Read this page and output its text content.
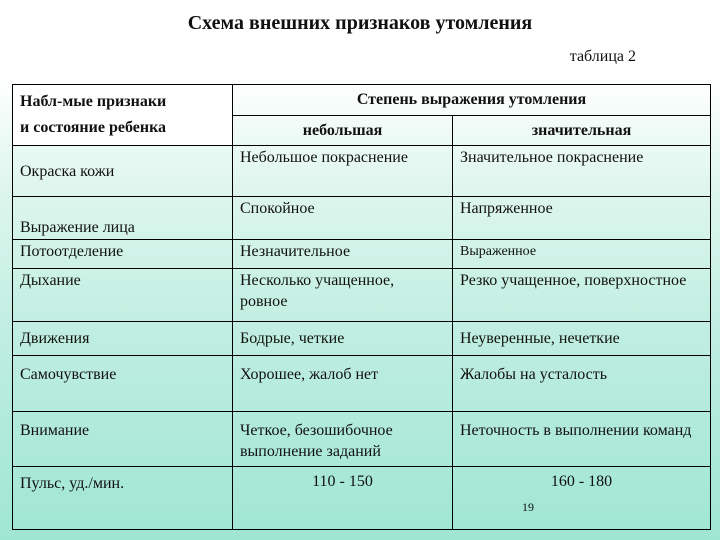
Схема внешних признаков утомления
таблица 2
Набл-мые признаки
и состояние ребенка	Степень выражения утомления	
	небольшая	значительная
Окраска кожи	Небольшое покраснение	Значительное покраснение
Выражение лица	Спокойное	Напряженное
Потоотделение	Незначительное	Выраженное
Дыхание	Несколько учащенное, ровное	Резко учащенное, поверхностное
Движения	Бодрые, четкие	Неуверенные, нечеткие
Самочувствие	Хорошее, жалоб нет	Жалобы на усталость
Внимание	Четкое, безошибочное выполнение заданий	Неточность в выполнении команд
Пульс, уд./мин.	110 - 150	160 - 180
19
